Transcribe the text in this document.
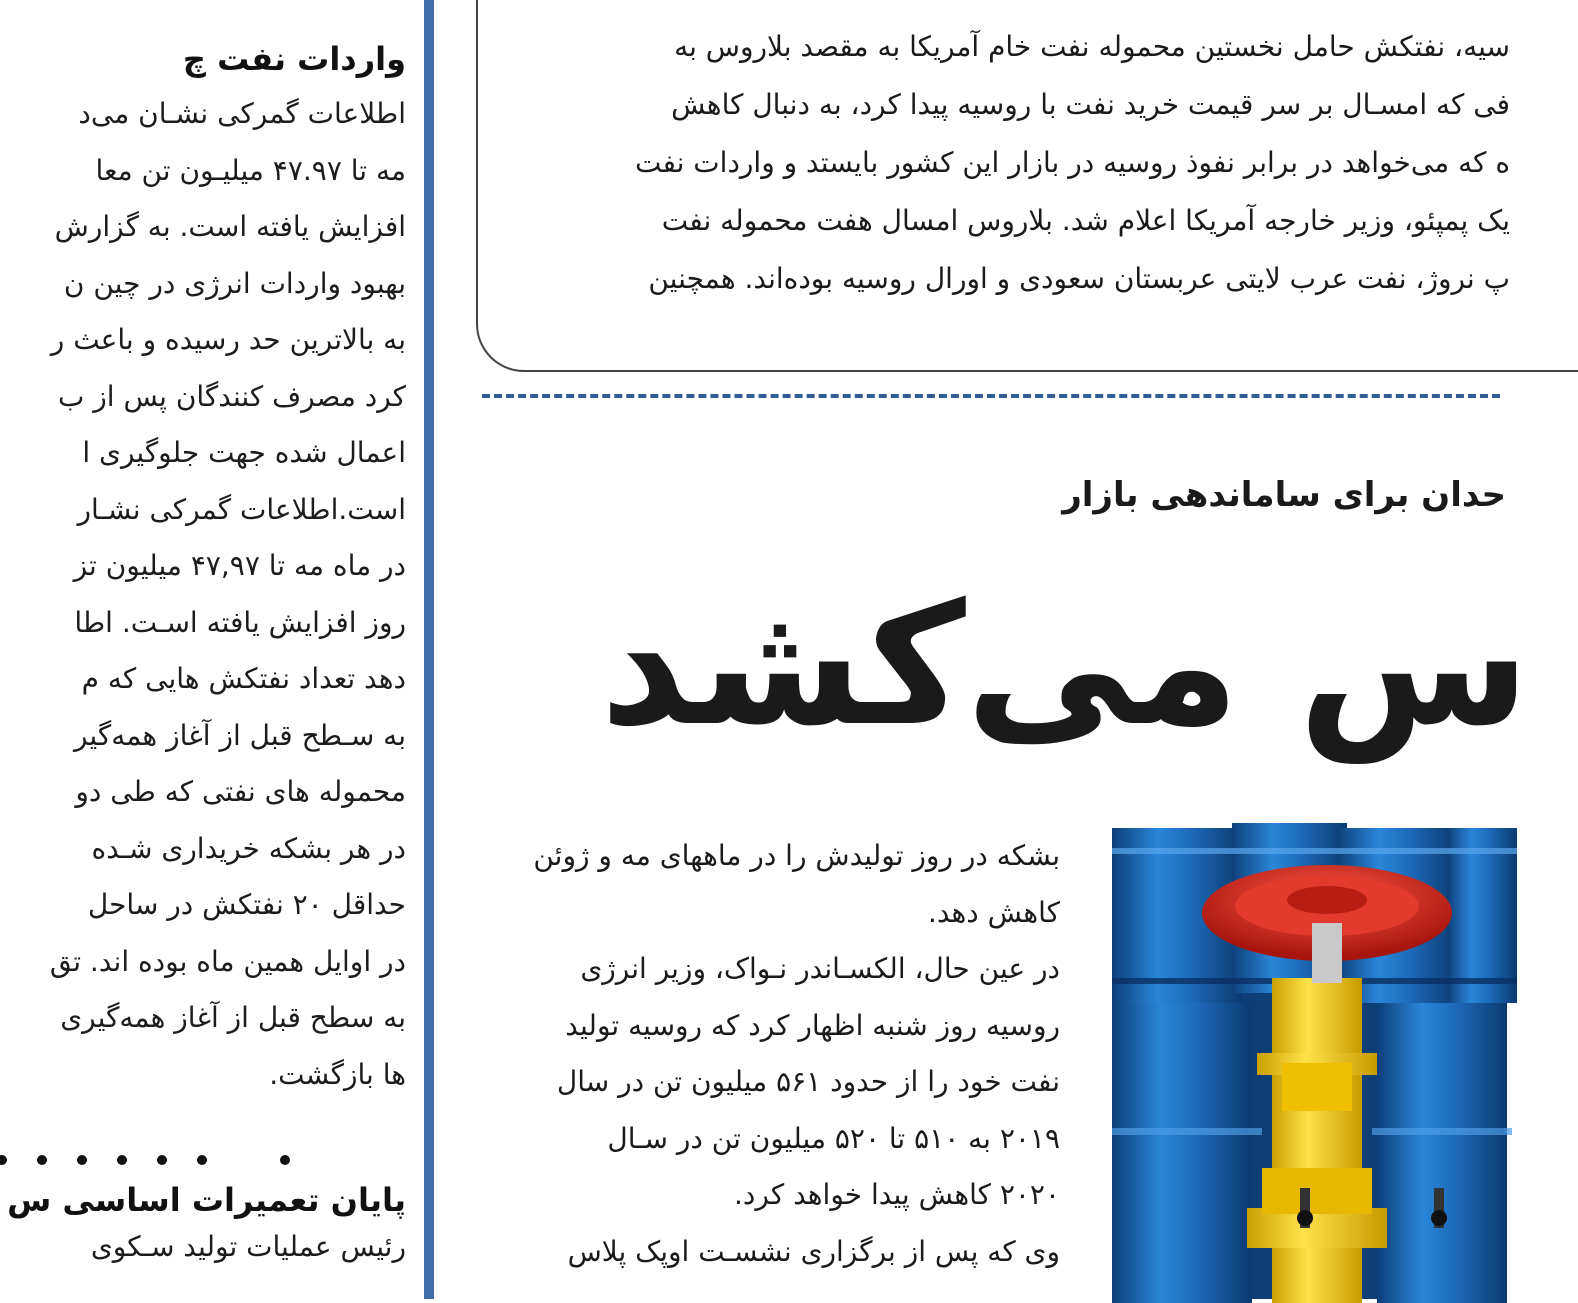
واردات نفت چ
اطلاعات گمرکی نشـان می‌د
مه تا ۴۷.۹۷ میلیـون تن معا
افزایش یافته است. به گزارش
بهبود واردات انرژی در چین ن
به بالاترین حد رسیده و باعث ر
کرد مصرف کنندگان پس از ب
اعمال شده جهت جلوگیری ا
است.اطلاعات گمرکی نشـار
در ماه مه تا ۴۷,۹۷ میلیون تز
روز افزایش یافته اسـت. اطا
دهد تعداد نفتکش هایی که م
به سـطح قبل از آغاز همه‌گیر
محموله های نفتی که طی دو
در هر بشکه خریداری شـده
حداقل ۲۰ نفتکش در ساحل
در اوایل همین ماه بوده اند. تق
به سطح قبل از آغاز همه‌گیری
ها بازگشت.
پایان تعمیرات اساسی س
رئیس عملیات تولید سـکوی
سیه، نفتکش حامل نخستین محموله نفت خام آمریکا به مقصد بلاروس به
فی که امسـال بر سر قیمت خرید نفت با روسیه پیدا کرد، به دنبال کاهش
ه که می‌خواهد در برابر نفوذ روسیه در بازار این کشور بایستد و واردات نفت
یک پمپئو، وزیر خارجه آمریکا اعلام شد. بلاروس امسال هفت محموله نفت
پ نروژ، نفت عرب لایتی عربستان سعودی و اورال روسیه بوده‌اند. همچنین
حدان برای ساماندهی بازار
س می‌کشد
بشکه در روز تولیدش را در ماههای مه و ژوئن
کاهش دهد.
در عین حال، الکسـاندر نـواک، وزیر انرژی
روسیه روز شنبه اظهار کرد که روسیه تولید
نفت خود را از حدود ۵۶۱ میلیون تن در سال
۲۰۱۹ به ۵۱۰ تا ۵۲۰ میلیون تن در سـال
۲۰۲۰ کاهش پیدا خواهد کرد.
وی که پس از برگزاری نشسـت اوپک پلاس
